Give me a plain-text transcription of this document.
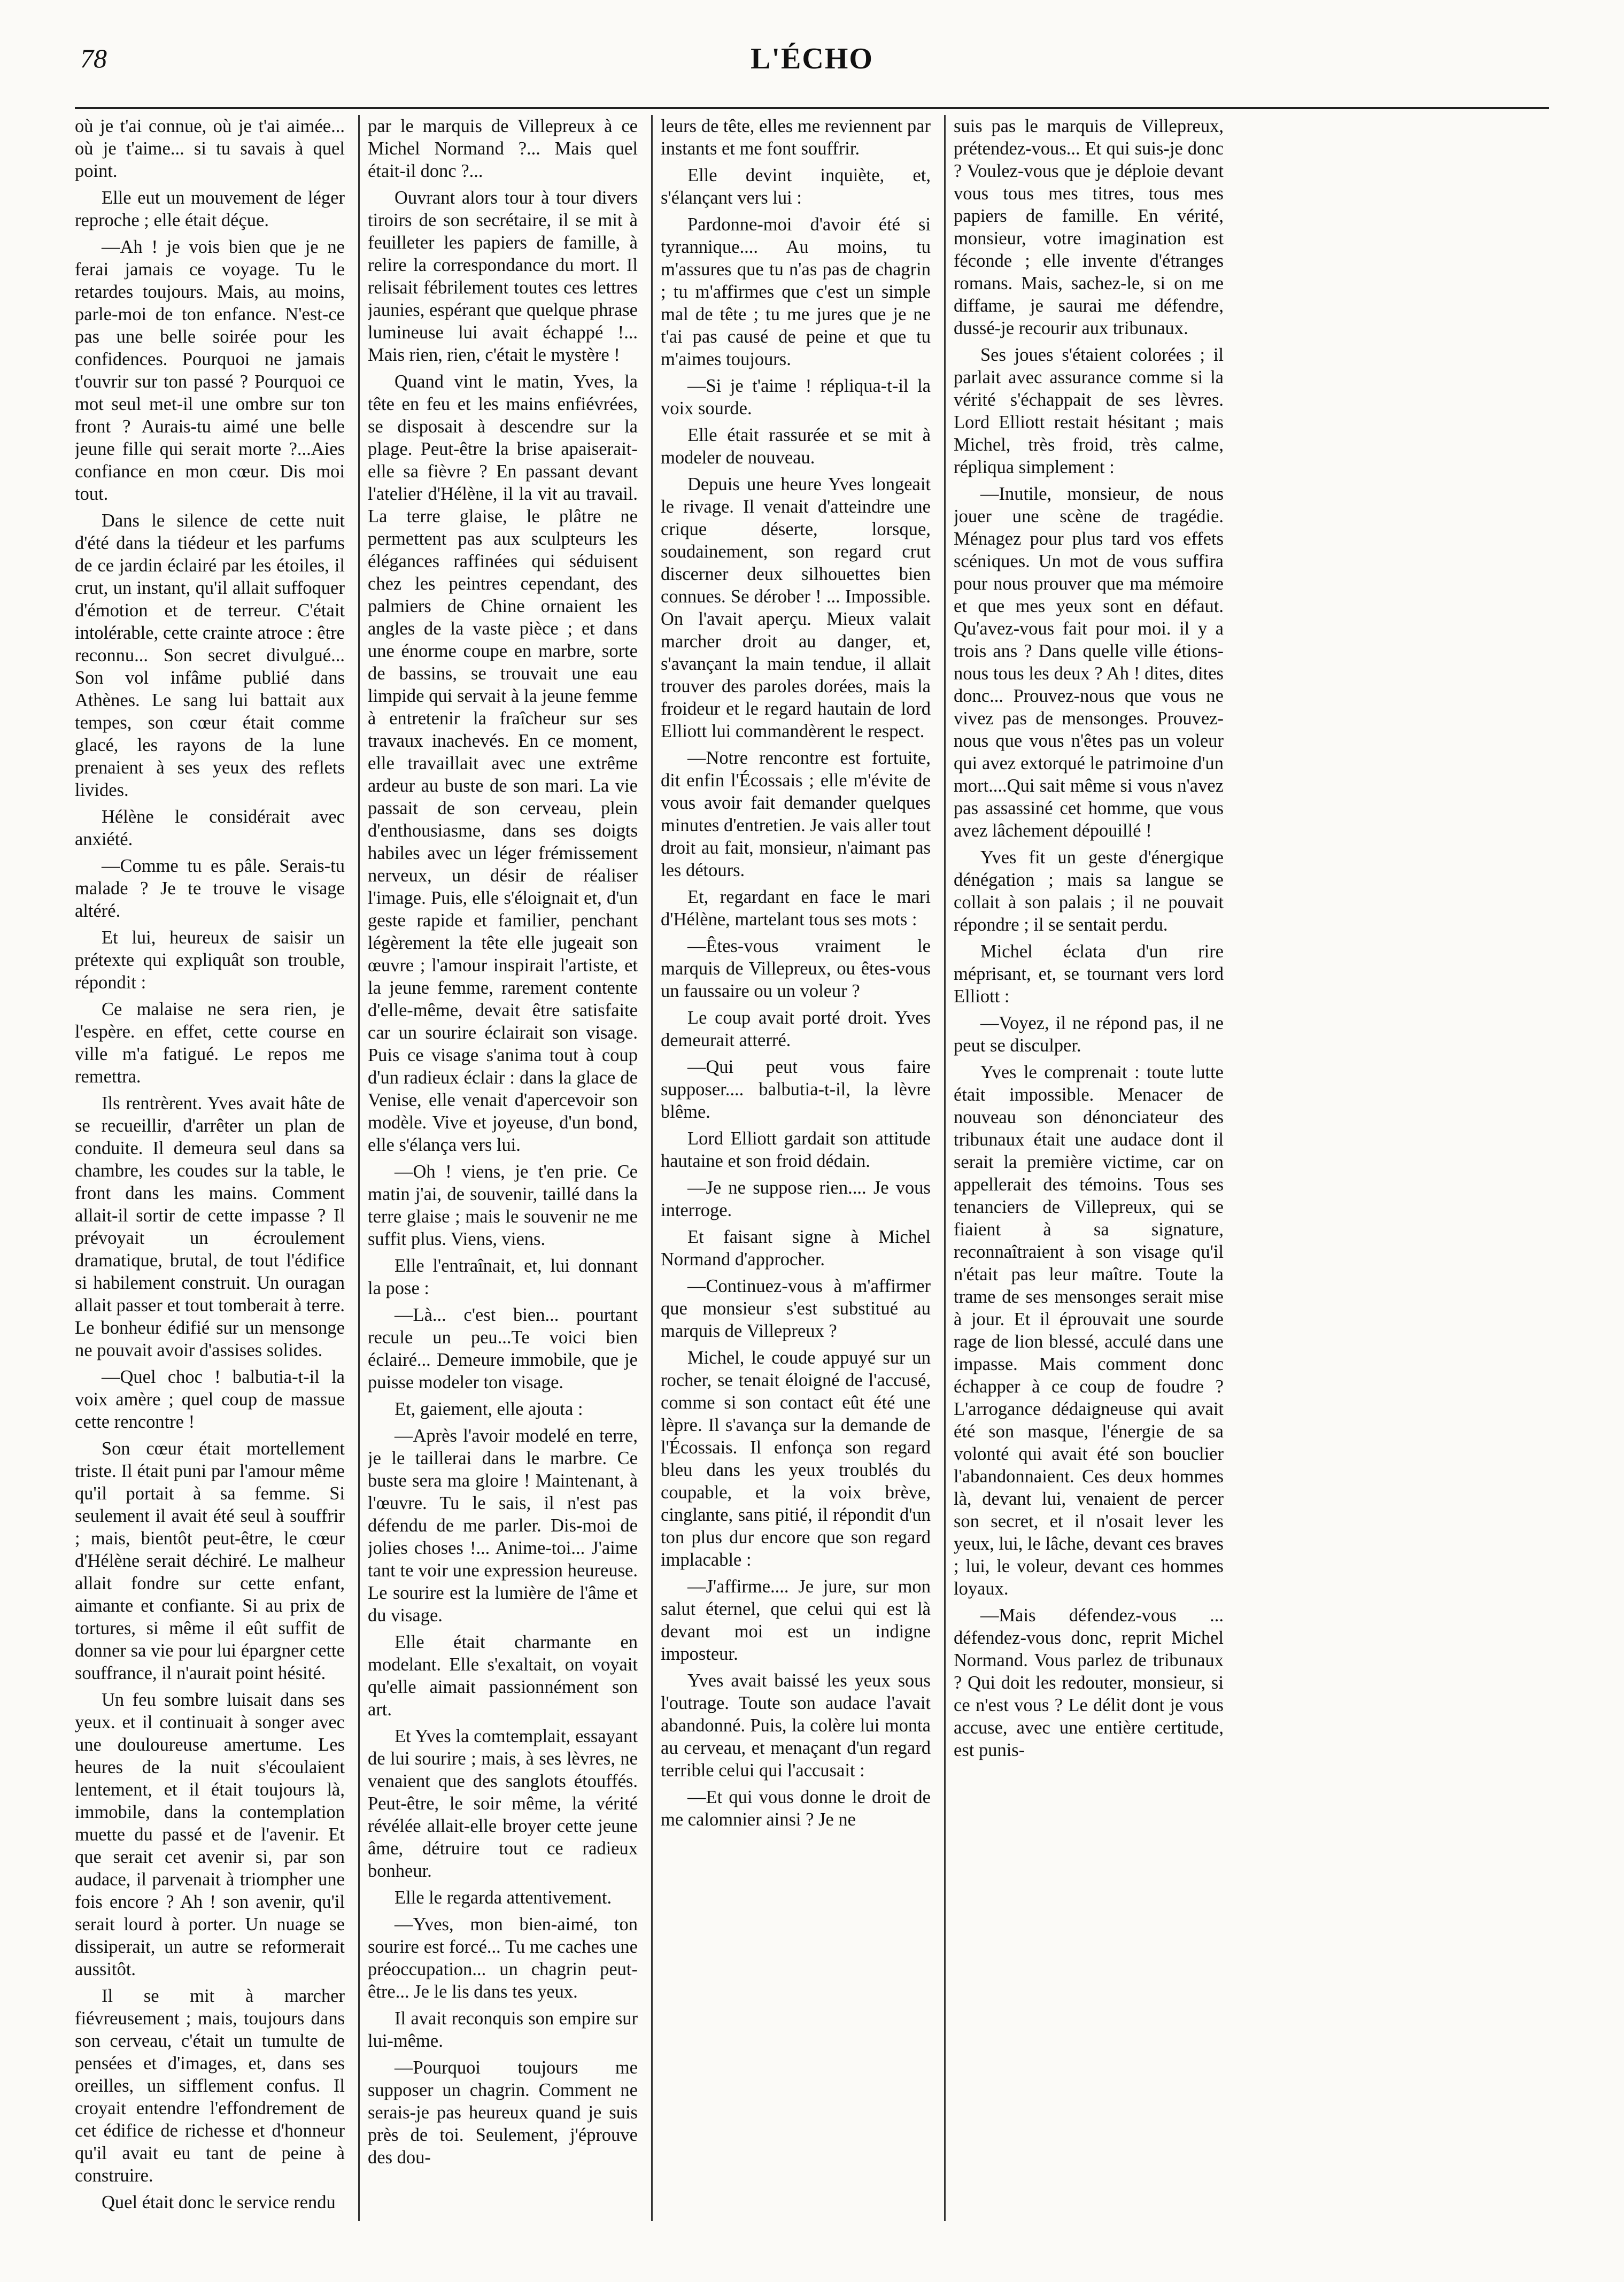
78	L'ÉCHO

où je t'ai connue, où je t'ai aimée... où je t'aime... si tu savais à quel point.

Elle eut un mouvement de léger reproche ; elle était déçue.

—Ah ! je vois bien que je ne ferai jamais ce voyage. Tu le retardes toujours. Mais, au moins, parle-moi de ton enfance. N'est-ce pas une belle soirée pour les confidences. Pourquoi ne jamais t'ouvrir sur ton passé ? Pourquoi ce mot seul met-il une ombre sur ton front ? Aurais-tu aimé une belle jeune fille qui serait morte ?...Aies confiance en mon cœur. Dis moi tout.

Dans le silence de cette nuit d'été dans la tiédeur et les parfums de ce jardin éclairé par les étoiles, il crut, un instant, qu'il allait suffoquer d'émotion et de terreur. C'était intolérable, cette crainte atroce : être reconnu... Son secret divulgué... Son vol infâme publié dans Athènes. Le sang lui battait aux tempes, son cœur était comme glacé, les rayons de la lune prenaient à ses yeux des reflets livides.

Hélène le considérait avec anxiété.

—Comme tu es pâle. Serais-tu malade ? Je te trouve le visage altéré.

Et lui, heureux de saisir un prétexte qui expliquât son trouble, répondit :

Ce malaise ne sera rien, je l'espère. en effet, cette course en ville m'a fatigué. Le repos me remettra.

Ils rentrèrent. Yves avait hâte de se recueillir, d'arrêter un plan de conduite. Il demeura seul dans sa chambre, les coudes sur la table, le front dans les mains. Comment allait-il sortir de cette impasse ? Il prévoyait un écroulement dramatique, brutal, de tout l'édifice si habilement construit. Un ouragan allait passer et tout tomberait à terre. Le bonheur édifié sur un mensonge ne pouvait avoir d'assises solides.

—Quel choc ! balbutia-t-il la voix amère ; quel coup de massue cette rencontre !

Son cœur était mortellement triste. Il était puni par l'amour même qu'il portait à sa femme. Si seulement il avait été seul à souffrir ; mais, bientôt peut-être, le cœur d'Hélène serait déchiré. Le malheur allait fondre sur cette enfant, aimante et confiante. Si au prix de tortures, si même il eût suffit de donner sa vie pour lui épargner cette souffrance, il n'aurait point hésité.

Un feu sombre luisait dans ses yeux. et il continuait à songer avec une douloureuse amertume. Les heures de la nuit s'écoulaient lentement, et il était toujours là, immobile, dans la contemplation muette du passé et de l'avenir. Et que serait cet avenir si, par son audace, il parvenait à triompher une fois encore ? Ah ! son avenir, qu'il serait lourd à porter. Un nuage se dissiperait, un autre se reformerait aussitôt.

Il se mit à marcher fiévreusement ; mais, toujours dans son cerveau, c'était un tumulte de pensées et d'images, et, dans ses oreilles, un sifflement confus. Il croyait entendre l'effondrement de cet édifice de richesse et d'honneur qu'il avait eu tant de peine à construire.

Quel était donc le service rendu

par le marquis de Villepreux à ce Michel Normand ?... Mais quel était-il donc ?...

Ouvrant alors tour à tour divers tiroirs de son secrétaire, il se mit à feuilleter les papiers de famille, à relire la correspondance du mort. Il relisait fébrilement toutes ces lettres jaunies, espérant que quelque phrase lumineuse lui avait échappé !... Mais rien, rien, c'était le mystère !

Quand vint le matin, Yves, la tête en feu et les mains enfiévrées, se disposait à descendre sur la plage. Peut-être la brise apaiserait-elle sa fièvre ? En passant devant l'atelier d'Hélène, il la vit au travail. La terre glaise, le plâtre ne permettent pas aux sculpteurs les élégances raffinées qui séduisent chez les peintres cependant, des palmiers de Chine ornaient les angles de la vaste pièce ; et dans une énorme coupe en marbre, sorte de bassins, se trouvait une eau limpide qui servait à la jeune femme à entretenir la fraîcheur sur ses travaux inachevés. En ce moment, elle travaillait avec une extrême ardeur au buste de son mari. La vie passait de son cerveau, plein d'enthousiasme, dans ses doigts habiles avec un léger frémissement nerveux, un désir de réaliser l'image. Puis, elle s'éloignait et, d'un geste rapide et familier, penchant légèrement la tête elle jugeait son œuvre ; l'amour inspirait l'artiste, et la jeune femme, rarement contente d'elle-même, devait être satisfaite car un sourire éclairait son visage. Puis ce visage s'anima tout à coup d'un radieux éclair : dans la glace de Venise, elle venait d'apercevoir son modèle. Vive et joyeuse, d'un bond, elle s'élança vers lui.

—Oh ! viens, je t'en prie. Ce matin j'ai, de souvenir, taillé dans la terre glaise ; mais le souvenir ne me suffit plus. Viens, viens.

Elle l'entraînait, et, lui donnant la pose :

—Là... c'est bien... pourtant recule un peu...Te voici bien éclairé... Demeure immobile, que je puisse modeler ton visage.

Et, gaiement, elle ajouta :

—Après l'avoir modelé en terre, je le taillerai dans le marbre. Ce buste sera ma gloire ! Maintenant, à l'œuvre. Tu le sais, il n'est pas défendu de me parler. Dis-moi de jolies choses !... Anime-toi... J'aime tant te voir une expression heureuse. Le sourire est la lumière de l'âme et du visage.

Elle était charmante en modelant. Elle s'exaltait, on voyait qu'elle aimait passionnément son art.

Et Yves la comtemplait, essayant de lui sourire ; mais, à ses lèvres, ne venaient que des sanglots étouffés. Peut-être, le soir même, la vérité révélée allait-elle broyer cette jeune âme, détruire tout ce radieux bonheur.

Elle le regarda attentivement.

—Yves, mon bien-aimé, ton sourire est forcé... Tu me caches une préoccupation... un chagrin peut-être... Je le lis dans tes yeux.

Il avait reconquis son empire sur lui-même.

—Pourquoi toujours me supposer un chagrin. Comment ne serais-je pas heureux quand je suis près de toi. Seulement, j'éprouve des dou-

leurs de tête, elles me reviennent par instants et me font souffrir.

Elle devint inquiète, et, s'élançant vers lui :

Pardonne-moi d'avoir été si tyrannique.... Au moins, tu m'assures que tu n'as pas de chagrin ; tu m'affirmes que c'est un simple mal de tête ; tu me jures que je ne t'ai pas causé de peine et que tu m'aimes toujours.

—Si je t'aime ! répliqua-t-il la voix sourde.

Elle était rassurée et se mit à modeler de nouveau.

Depuis une heure Yves longeait le rivage. Il venait d'atteindre une crique déserte, lorsque, soudainement, son regard crut discerner deux silhouettes bien connues. Se dérober ! ... Impossible. On l'avait aperçu. Mieux valait marcher droit au danger, et, s'avançant la main tendue, il allait trouver des paroles dorées, mais la froideur et le regard hautain de lord Elliott lui commandèrent le respect.

—Notre rencontre est fortuite, dit enfin l'Écossais ; elle m'évite de vous avoir fait demander quelques minutes d'entretien. Je vais aller tout droit au fait, monsieur, n'aimant pas les détours.

Et, regardant en face le mari d'Hélène, martelant tous ses mots :

—Êtes-vous vraiment le marquis de Villepreux, ou êtes-vous un faussaire ou un voleur ?

Le coup avait porté droit. Yves demeurait atterré.

—Qui peut vous faire supposer.... balbutia-t-il, la lèvre blême.

Lord Elliott gardait son attitude hautaine et son froid dédain.

—Je ne suppose rien.... Je vous interroge.

Et faisant signe à Michel Normand d'approcher.

—Continuez-vous à m'affirmer que monsieur s'est substitué au marquis de Villepreux ?

Michel, le coude appuyé sur un rocher, se tenait éloigné de l'accusé, comme si son contact eût été une lèpre. Il s'avança sur la demande de l'Écossais. Il enfonça son regard bleu dans les yeux troublés du coupable, et la voix brève, cinglante, sans pitié, il répondit d'un ton plus dur encore que son regard implacable :

—J'affirme.... Je jure, sur mon salut éternel, que celui qui est là devant moi est un indigne imposteur.

Yves avait baissé les yeux sous l'outrage. Toute son audace l'avait abandonné. Puis, la colère lui monta au cerveau, et menaçant d'un regard terrible celui qui l'accusait :

—Et qui vous donne le droit de me calomnier ainsi ? Je ne

suis pas le marquis de Villepreux, prétendez-vous... Et qui suis-je donc ? Voulez-vous que je déploie devant vous tous mes titres, tous mes papiers de famille. En vérité, monsieur, votre imagination est féconde ; elle invente d'étranges romans. Mais, sachez-le, si on me diffame, je saurai me défendre, dussé-je recourir aux tribunaux.

Ses joues s'étaient colorées ; il parlait avec assurance comme si la vérité s'échappait de ses lèvres. Lord Elliott restait hésitant ; mais Michel, très froid, très calme, répliqua simplement :

—Inutile, monsieur, de nous jouer une scène de tragédie. Ménagez pour plus tard vos effets scéniques. Un mot de vous suffira pour nous prouver que ma mémoire et que mes yeux sont en défaut. Qu'avez-vous fait pour moi. il y a trois ans ? Dans quelle ville étions-nous tous les deux ? Ah ! dites, dites donc... Prouvez-nous que vous ne vivez pas de mensonges. Prouvez-nous que vous n'êtes pas un voleur qui avez extorqué le patrimoine d'un mort....Qui sait même si vous n'avez pas assassiné cet homme, que vous avez lâchement dépouillé !

Yves fit un geste d'énergique dénégation ; mais sa langue se collait à son palais ; il ne pouvait répondre ; il se sentait perdu.

Michel éclata d'un rire méprisant, et, se tournant vers lord Elliott :

—Voyez, il ne répond pas, il ne peut se disculper.

Yves le comprenait : toute lutte était impossible. Menacer de nouveau son dénonciateur des tribunaux était une audace dont il serait la première victime, car on appellerait des témoins. Tous ses tenanciers de Villepreux, qui se fiaient à sa signature, reconnaîtraient à son visage qu'il n'était pas leur maître. Toute la trame de ses mensonges serait mise à jour. Et il éprouvait une sourde rage de lion blessé, acculé dans une impasse. Mais comment donc échapper à ce coup de foudre ? L'arrogance dédaigneuse qui avait été son masque, l'énergie de sa volonté qui avait été son bouclier l'abandonnaient. Ces deux hommes là, devant lui, venaient de percer son secret, et il n'osait lever les yeux, lui, le lâche, devant ces braves ; lui, le voleur, devant ces hommes loyaux.

—Mais défendez-vous ... défendez-vous donc, reprit Michel Normand. Vous parlez de tribunaux ? Qui doit les redouter, monsieur, si ce n'est vous ? Le délit dont je vous accuse, avec une entière certitude, est punis-
